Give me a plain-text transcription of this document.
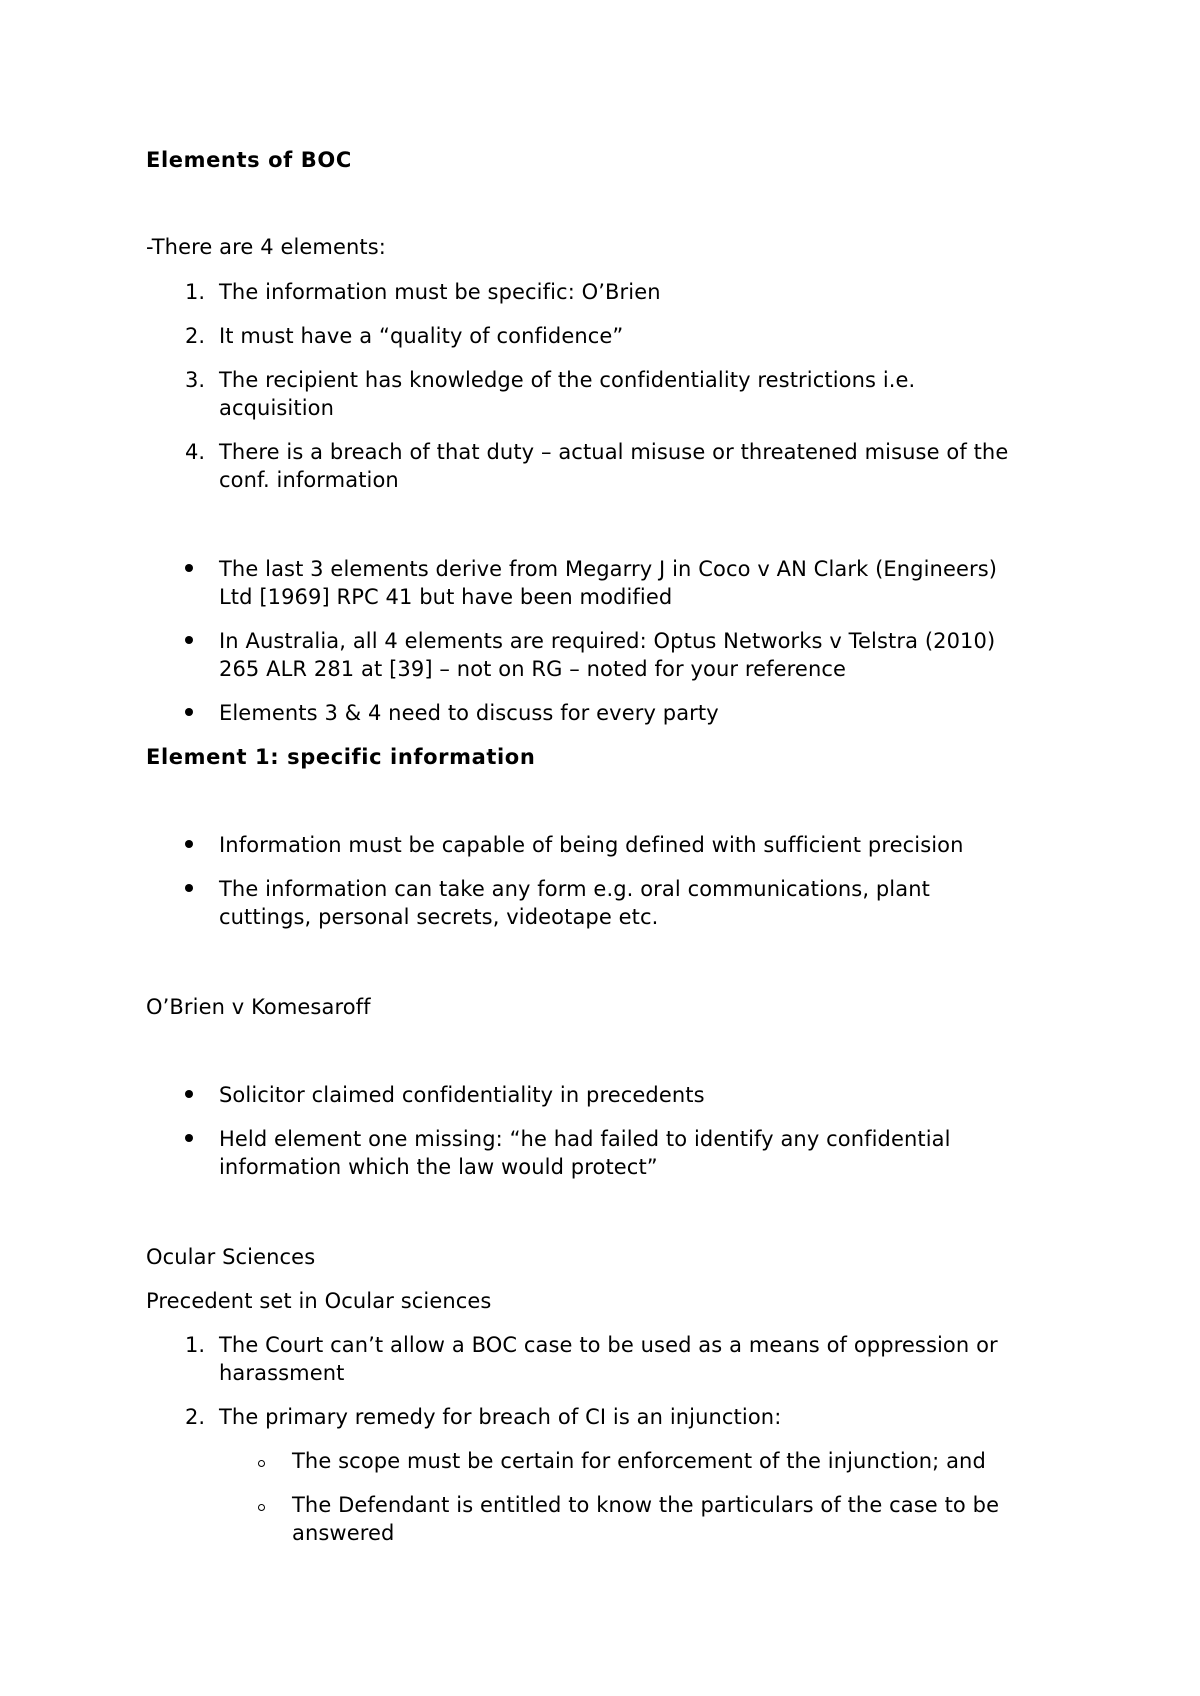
Elements of BOC
-There are 4 elements:
1. The information must be specific: O’Brien
2. It must have a “quality of confidence”
3. The recipient has knowledge of the confidentiality restrictions i.e.
acquisition
4. There is a breach of that duty – actual misuse or threatened misuse of the
conf. information
The last 3 elements derive from Megarry J in Coco v AN Clark (Engineers)
Ltd [1969] RPC 41 but have been modified
In Australia, all 4 elements are required: Optus Networks v Telstra (2010)
265 ALR 281 at [39] – not on RG – noted for your reference
Elements 3 & 4 need to discuss for every party
Element 1: specific information
Information must be capable of being defined with sufficient precision
The information can take any form e.g. oral communications, plant
cuttings, personal secrets, videotape etc.
O’Brien v Komesaroff
Solicitor claimed confidentiality in precedents
Held element one missing: “he had failed to identify any confidential
information which the law would protect”
Ocular Sciences
Precedent set in Ocular sciences
1. The Court can’t allow a BOC case to be used as a means of oppression or
harassment
2. The primary remedy for breach of CI is an injunction:
The scope must be certain for enforcement of the injunction; and
The Defendant is entitled to know the particulars of the case to be
answered
